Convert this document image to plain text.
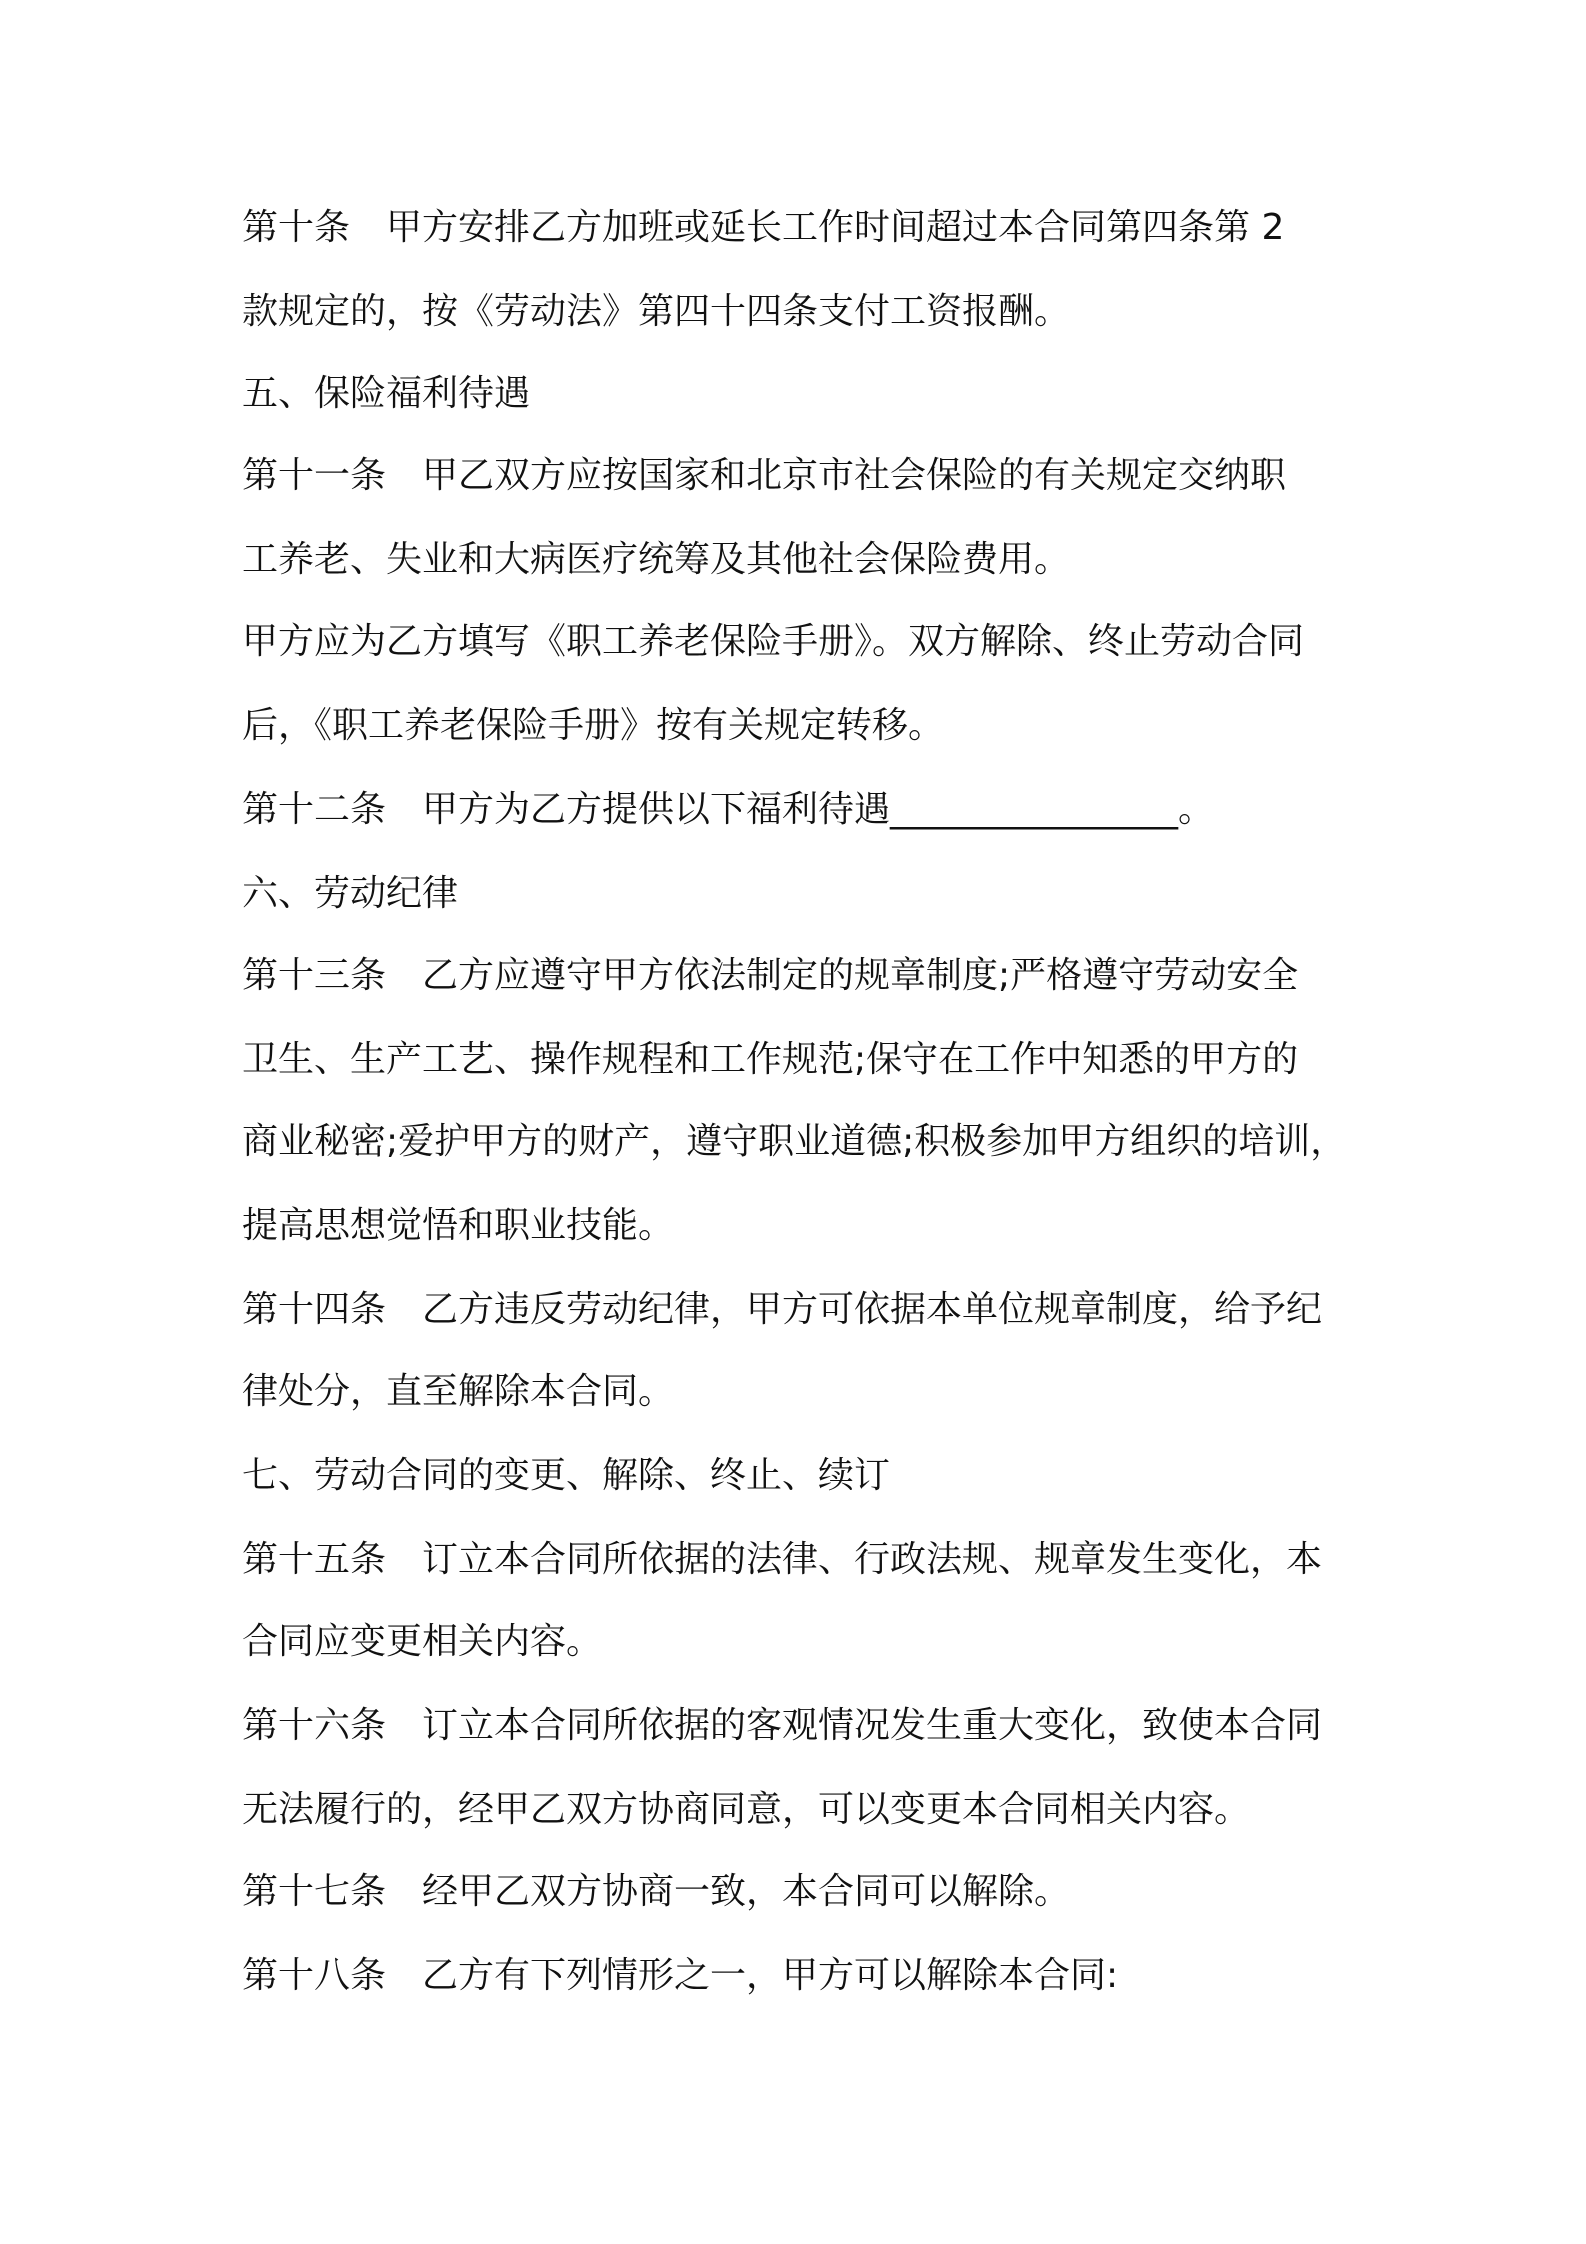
第十条　甲方安排乙方加班或延长工作时间超过本合同第四条第 2
款规定的，按《劳动法》第四十四条支付工资报酬。
五、保险福利待遇
第十一条　甲乙双方应按国家和北京市社会保险的有关规定交纳职
工养老、失业和大病医疗统筹及其他社会保险费用。
甲方应为乙方填写《职工养老保险手册》。双方解除、终止劳动合同
后，《职工养老保险手册》按有关规定转移。
第十二条　甲方为乙方提供以下福利待遇________________。
六、劳动纪律
第十三条　乙方应遵守甲方依法制定的规章制度;严格遵守劳动安全
卫生、生产工艺、操作规程和工作规范;保守在工作中知悉的甲方的
商业秘密;爱护甲方的财产，遵守职业道德;积极参加甲方组织的培训，
提高思想觉悟和职业技能。
第十四条　乙方违反劳动纪律，甲方可依据本单位规章制度，给予纪
律处分，直至解除本合同。
七、劳动合同的变更、解除、终止、续订
第十五条　订立本合同所依据的法律、行政法规、规章发生变化，本
合同应变更相关内容。
第十六条　订立本合同所依据的客观情况发生重大变化，致使本合同
无法履行的，经甲乙双方协商同意，可以变更本合同相关内容。
第十七条　经甲乙双方协商一致，本合同可以解除。
第十八条　乙方有下列情形之一，甲方可以解除本合同:
